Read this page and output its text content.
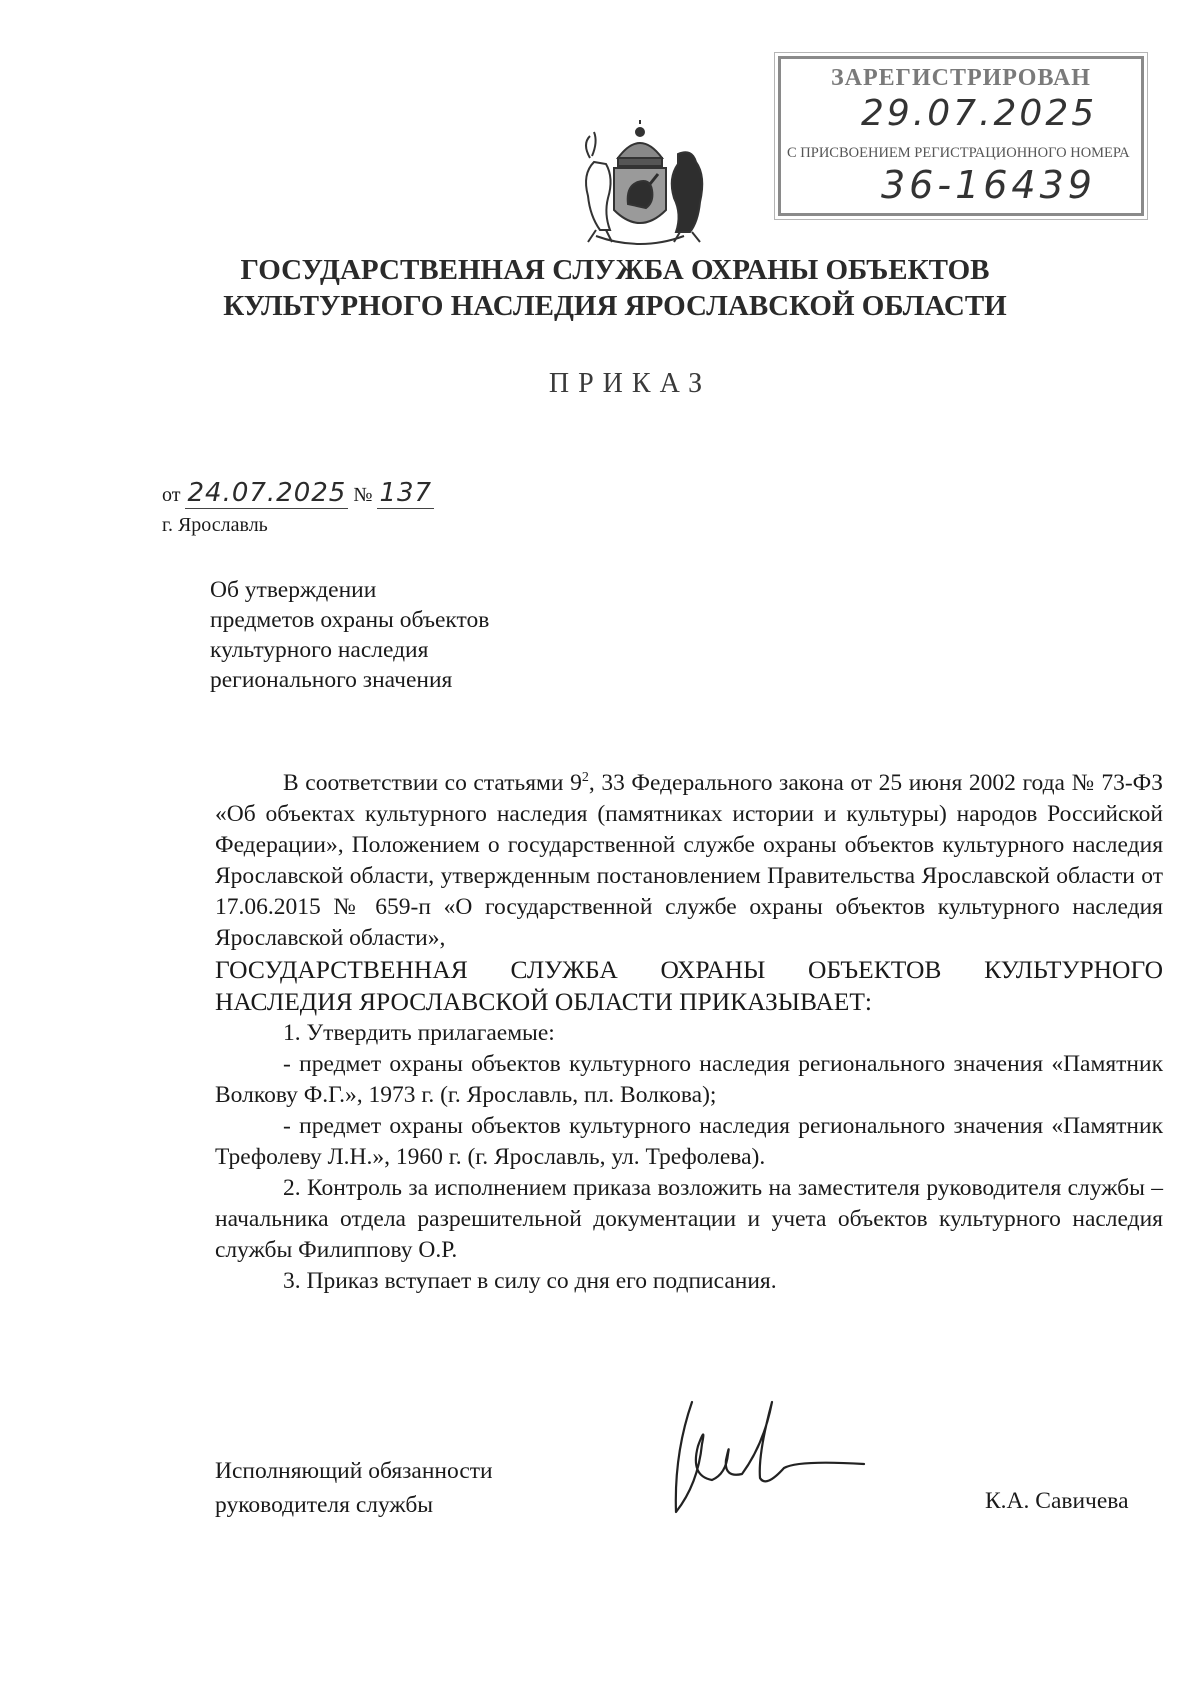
ЗАРЕГИСТРИРОВАН
29.07.2025
С ПРИСВОЕНИЕМ РЕГИСТРАЦИОННОГО НОМЕРА
36-16439
ГОСУДАРСТВЕННАЯ СЛУЖБА ОХРАНЫ ОБЪЕКТОВ
КУЛЬТУРНОГО НАСЛЕДИЯ ЯРОСЛАВСКОЙ ОБЛАСТИ
ПРИКАЗ
от 24.07.2025 № 137
г. Ярославль
Об утверждении
предметов охраны объектов
культурного наследия
регионального значения

В соответствии со статьями $9^2$, 33 Федерального закона от 25 июня 2002 года № 73-ФЗ «Об объектах культурного наследия (памятниках истории и культуры) народов Российской Федерации», Положением о государственной службе охраны объектов культурного наследия Ярославской области, утвержденным постановлением Правительства Ярославской области от 17.06.2015 № 659-п «О государственной службе охраны объектов культурного наследия Ярославской области»,

ГОСУДАРСТВЕННАЯ СЛУЖБА ОХРАНЫ ОБЪЕКТОВ КУЛЬТУРНОГО

НАСЛЕДИЯ ЯРОСЛАВСКОЙ ОБЛАСТИ ПРИКАЗЫВАЕТ:

1. Утвердить прилагаемые:

- предмет охраны объектов культурного наследия регионального значения «Памятник Волкову Ф.Г.», 1973 г. (г. Ярославль, пл. Волкова);

- предмет охраны объектов культурного наследия регионального значения «Памятник Трефолеву Л.Н.», 1960 г. (г. Ярославль, ул. Трефолева).

2. Контроль за исполнением приказа возложить на заместителя руководителя службы – начальника отдела разрешительной документации и учета объектов культурного наследия службы Филиппову О.Р.

3. Приказ вступает в силу со дня его подписания.

Исполняющий обязанности
руководителя службы	К.А. Савичева
